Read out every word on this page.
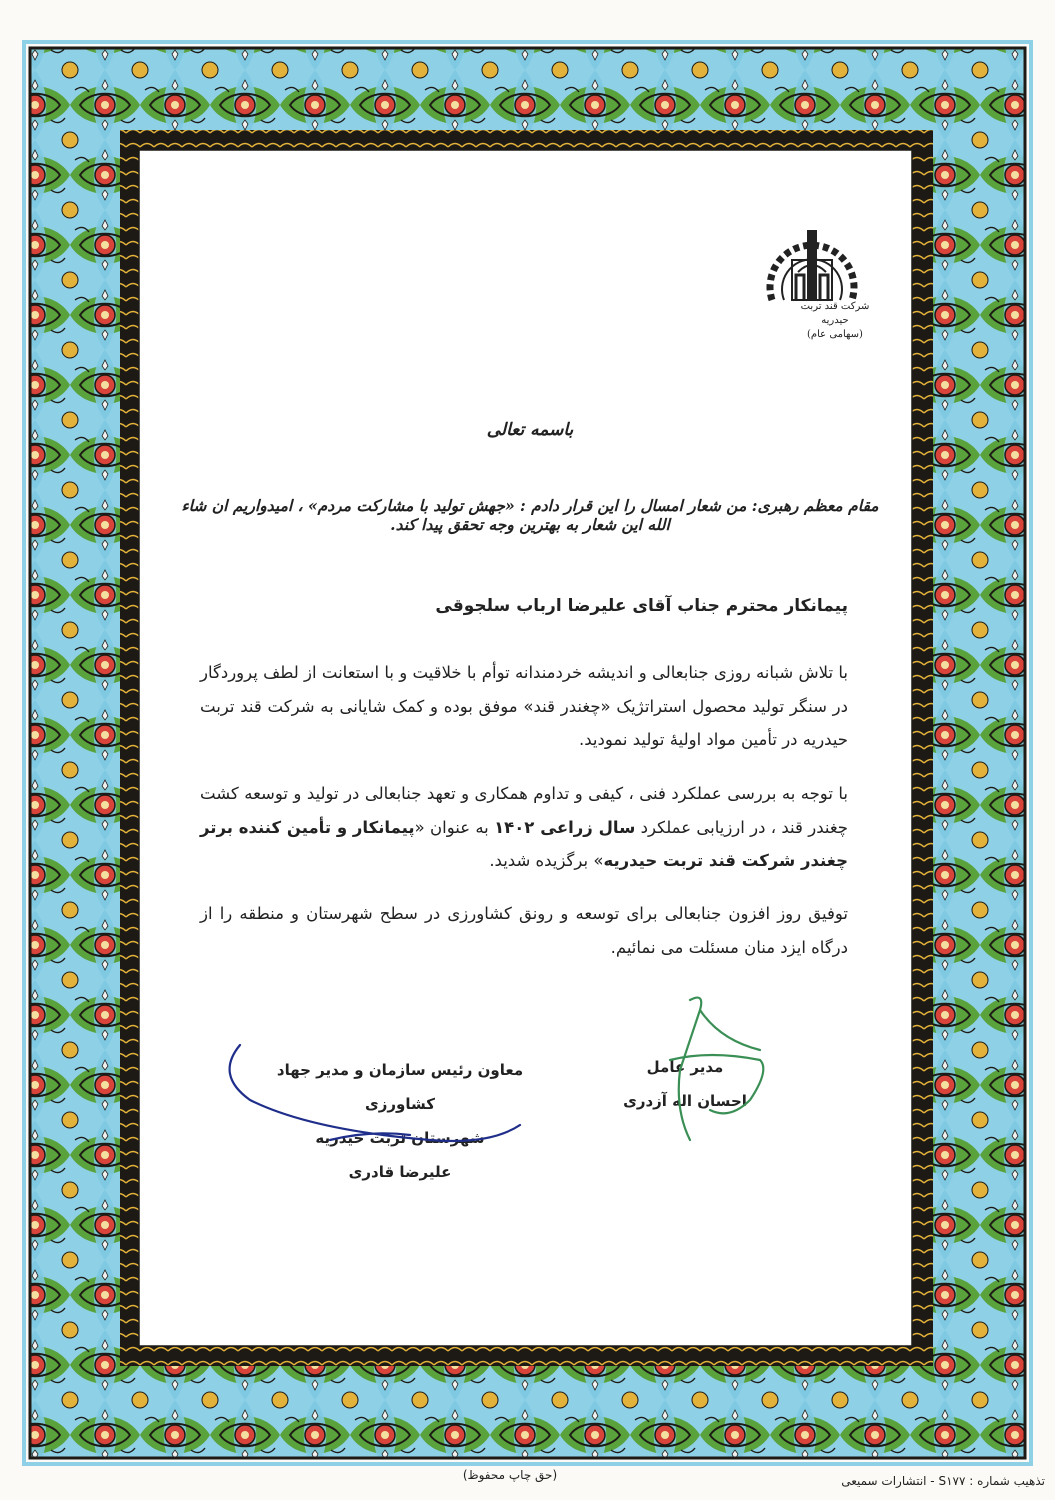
شرکت قند تربت حیدریه
(سهامی عام)
باسمه تعالی
مقام معظم رهبری: من شعار امسال را این قرار دادم : «جهش تولید با مشارکت مردم» ، امیدواریم ان شاء الله این شعار به بهترین وجه تحقق پیدا کند.
پیمانکار محترم جناب آقای علیرضا ارباب سلجوقی
با تلاش شبانه روزی جنابعالی و اندیشه خردمندانه توأم با خلاقیت و با استعانت از لطف پروردگار در سنگر تولید محصول استراتژیک «چغندر قند» موفق بوده و کمک شایانی به شرکت قند تربت حیدریه در تأمین مواد اولیهٔ تولید نمودید.
با توجه به بررسی عملکرد فنی ، کیفی و تداوم همکاری و تعهد جنابعالی در تولید و توسعه کشت چغندر قند ، در ارزیابی عملکرد سال زراعی ۱۴۰۲ به عنوان «پیمانکار و تأمین کننده برتر چغندر شرکت قند تربت حیدریه» برگزیده شدید.
توفیق روز افزون جنابعالی برای توسعه و رونق کشاورزی در سطح شهرستان و منطقه را از درگاه ایزد منان مسئلت می نمائیم.
مدیر عامل
احسان اله آزدری
معاون رئیس سازمان و مدیر جهاد کشاورزی
شهرستان تربت حیدریه
علیرضا قادری
(حق چاپ محفوظ)	تذهیب شماره : S۱۷۷ - انتشارات سمیعی
